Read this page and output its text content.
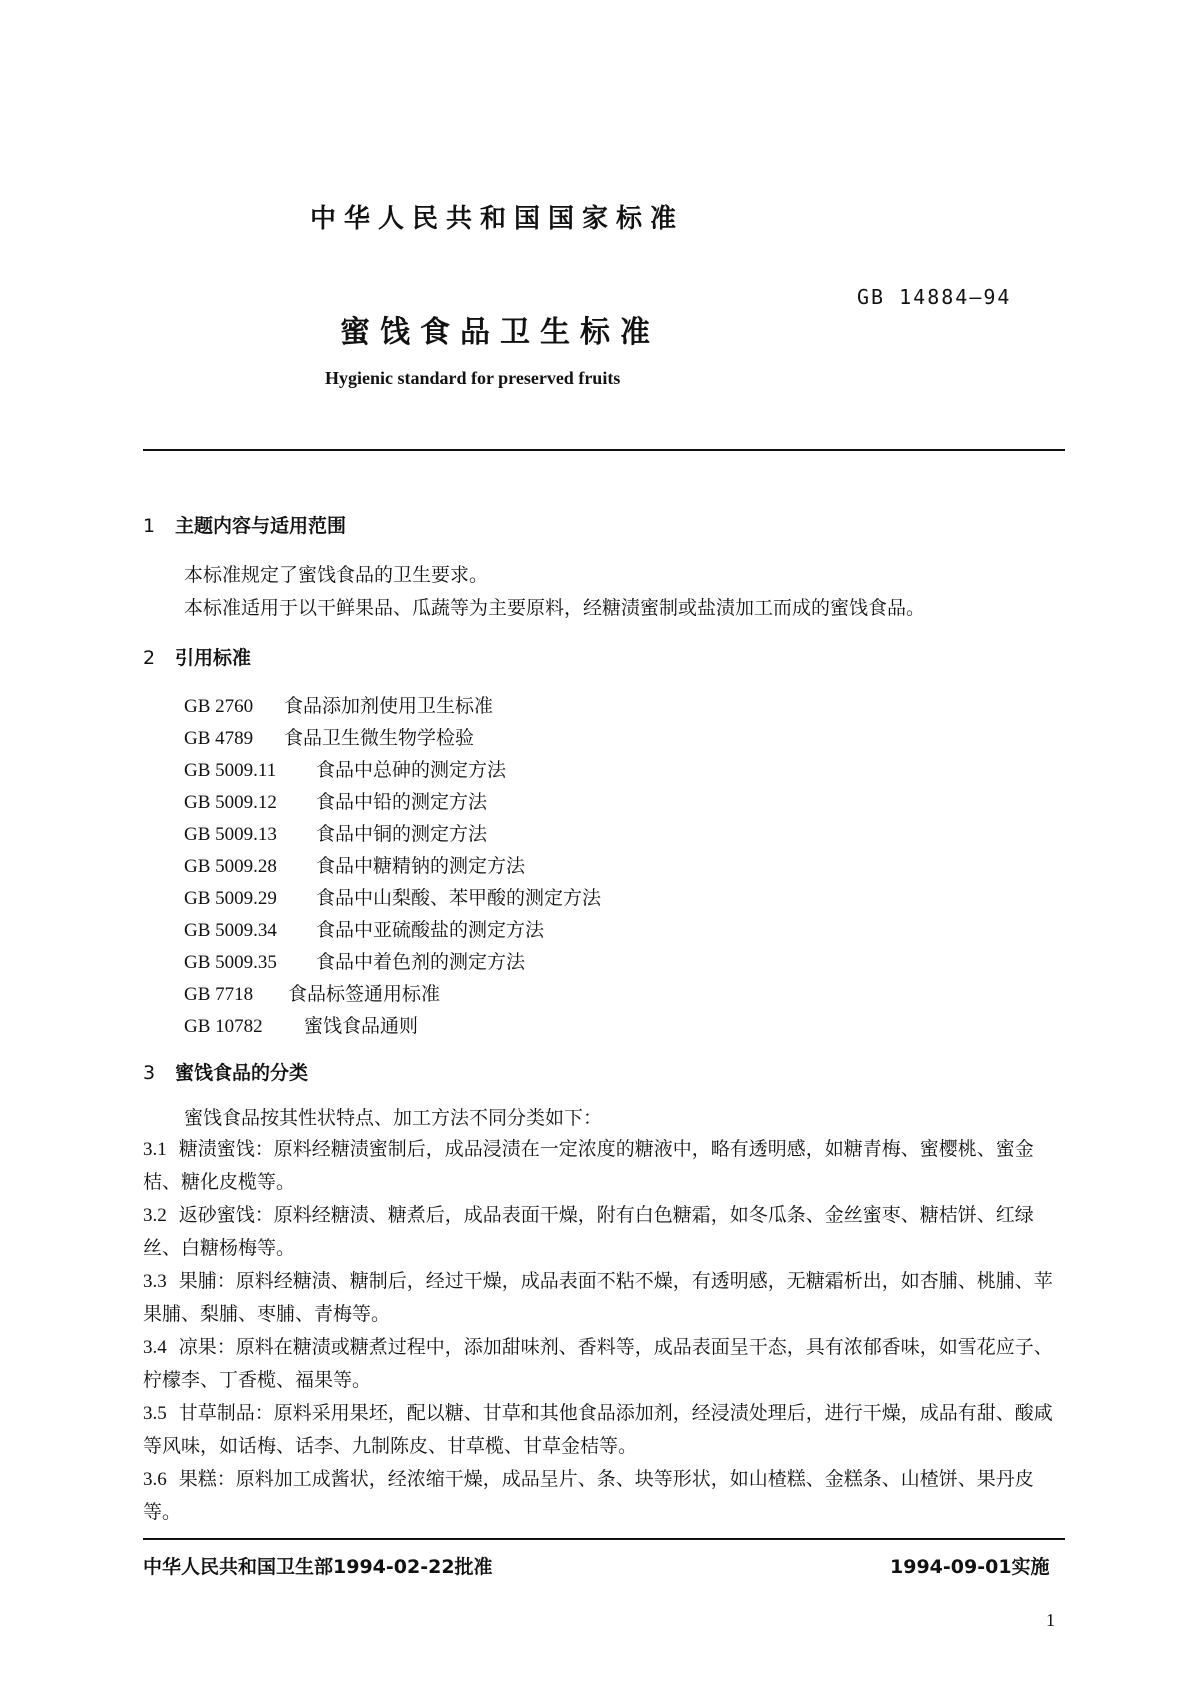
中华人民共和国国家标准
GB 14884—94
蜜饯食品卫生标准
Hygienic standard for preserved fruits
1 主题内容与适用范围
本标准规定了蜜饯食品的卫生要求。
本标准适用于以干鲜果品、瓜蔬等为主要原料，经糖渍蜜制或盐渍加工而成的蜜饯食品。
2 引用标准
GB 2760 食品添加剂使用卫生标准
GB 4789 食品卫生微生物学检验
GB 5009.11 食品中总砷的测定方法
GB 5009.12 食品中铅的测定方法
GB 5009.13 食品中铜的测定方法
GB 5009.28 食品中糖精钠的测定方法
GB 5009.29 食品中山梨酸、苯甲酸的测定方法
GB 5009.34 食品中亚硫酸盐的测定方法
GB 5009.35 食品中着色剂的测定方法
GB 7718 食品标签通用标准
GB 10782 蜜饯食品通则
3 蜜饯食品的分类
蜜饯食品按其性状特点、加工方法不同分类如下：
3.1 糖渍蜜饯：原料经糖渍蜜制后，成品浸渍在一定浓度的糖液中，略有透明感，如糖青梅、蜜樱桃、蜜金桔、糖化皮榄等。
3.2 返砂蜜饯：原料经糖渍、糖煮后，成品表面干燥，附有白色糖霜，如冬瓜条、金丝蜜枣、糖桔饼、红绿丝、白糖杨梅等。
3.3 果脯：原料经糖渍、糖制后，经过干燥，成品表面不粘不燥，有透明感，无糖霜析出，如杏脯、桃脯、苹果脯、梨脯、枣脯、青梅等。
3.4 凉果：原料在糖渍或糖煮过程中，添加甜味剂、香料等，成品表面呈干态，具有浓郁香味，如雪花应子、柠檬李、丁香榄、福果等。
3.5 甘草制品：原料采用果坯，配以糖、甘草和其他食品添加剂，经浸渍处理后，进行干燥，成品有甜、酸咸等风味，如话梅、话李、九制陈皮、甘草榄、甘草金桔等。
3.6 果糕：原料加工成酱状，经浓缩干燥，成品呈片、条、块等形状，如山楂糕、金糕条、山楂饼、果丹皮等。
中华人民共和国卫生部1994-02-22批准	1994-09-01实施
1
